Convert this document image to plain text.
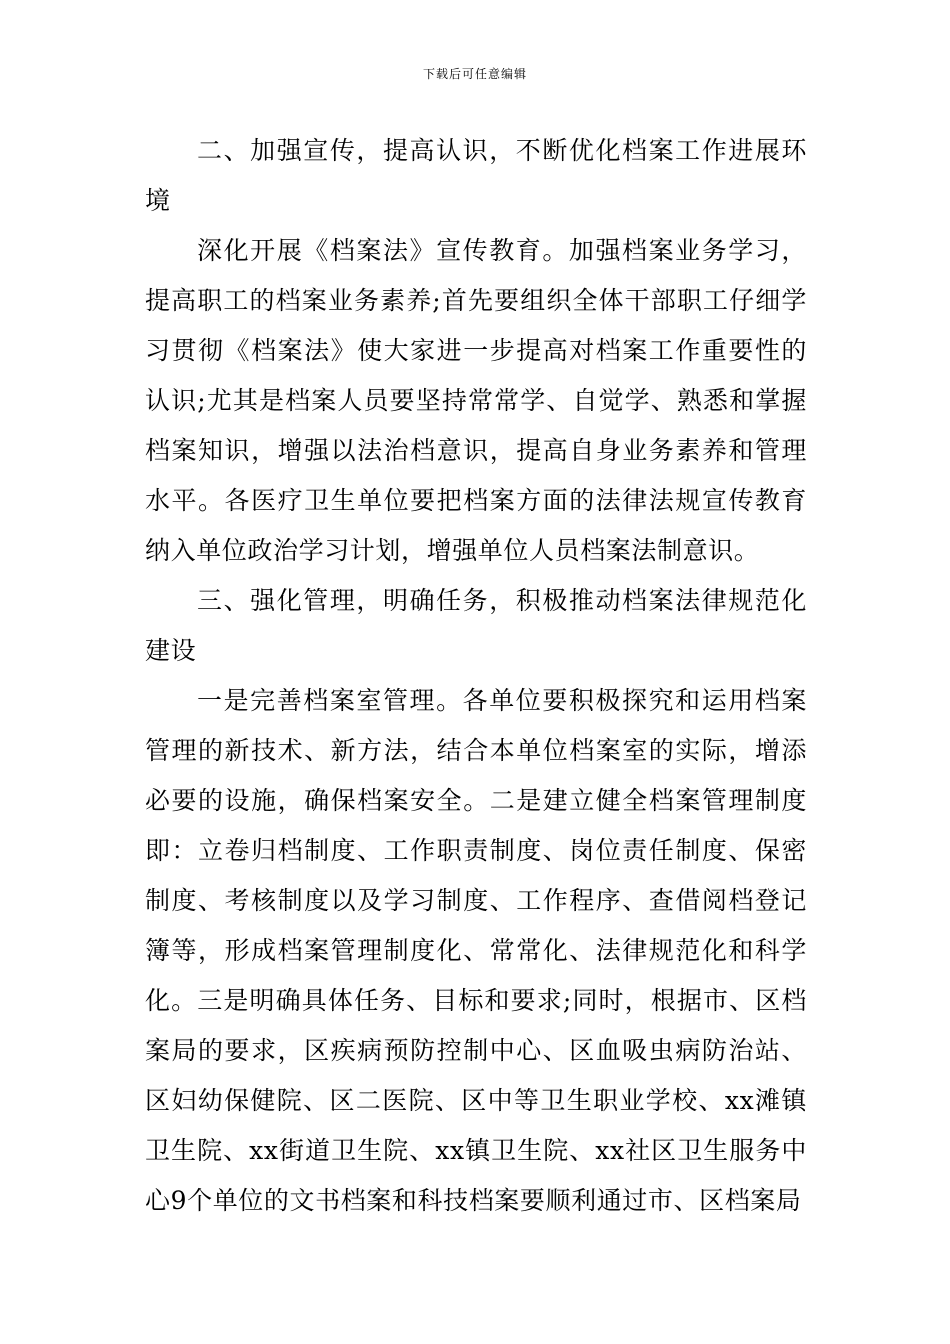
下载后可任意编辑

二、加强宣传，提高认识，不断优化档案工作进展环境

深化开展《档案法》宣传教育。加强档案业务学习，提高职工的档案业务素养;首先要组织全体干部职工仔细学习贯彻《档案法》使大家进一步提高对档案工作重要性的认识;尤其是档案人员要坚持常常学、自觉学、熟悉和掌握档案知识，增强以法治档意识，提高自身业务素养和管理水平。各医疗卫生单位要把档案方面的法律法规宣传教育纳入单位政治学习计划，增强单位人员档案法制意识。

三、强化管理，明确任务，积极推动档案法律规范化建设

一是完善档案室管理。各单位要积极探究和运用档案管理的新技术、新方法，结合本单位档案室的实际，增添必要的设施，确保档案安全。二是建立健全档案管理制度即：立卷归档制度、工作职责制度、岗位责任制度、保密制度、考核制度以及学习制度、工作程序、查借阅档登记簿等，形成档案管理制度化、常常化、法律规范化和科学化。三是明确具体任务、目标和要求;同时，根据市、区档案局的要求，区疾病预防控制中心、区血吸虫病防治站、区妇幼保健院、区二医院、区中等卫生职业学校、xx滩镇卫生院、xx街道卫生院、xx镇卫生院、xx社区卫生服务中心9个单位的文书档案和科技档案要顺利通过市、区档案局
